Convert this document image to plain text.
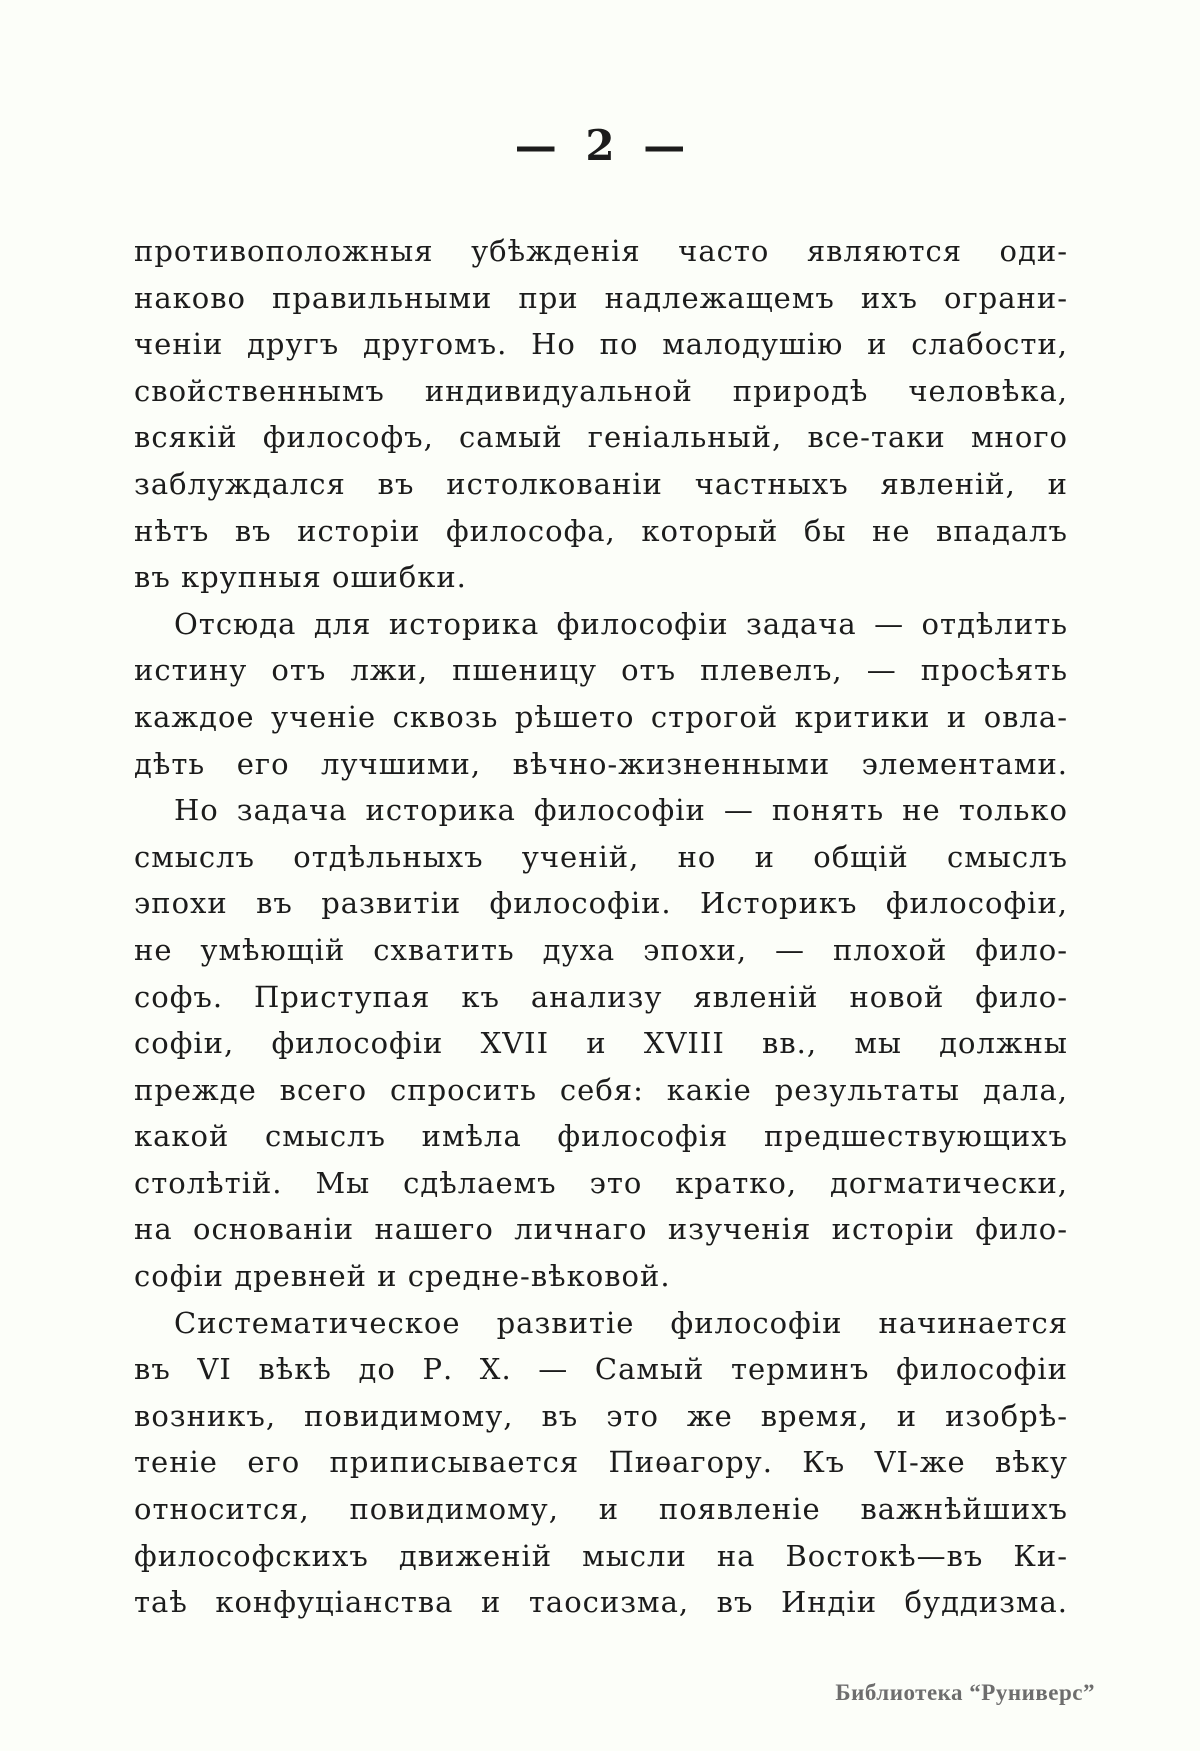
— 2 —
противоположныя убѣжденія часто являются оди-
наково правильными при надлежащемъ ихъ ограни-
ченіи другъ другомъ. Но по малодушію и слабости,
свойственнымъ индивидуальной природѣ человѣка,
всякій философъ, самый геніальный, все-таки много
заблуждался въ истолкованіи частныхъ явленій, и
нѣтъ въ исторіи философа, который бы не впадалъ
въ крупныя ошибки.
Отсюда для историка философіи задача — отдѣлить
истину отъ лжи, пшеницу отъ плевелъ, — просѣять
каждое ученіе сквозь рѣшето строгой критики и овла-
дѣть его лучшими, вѣчно-жизненными элементами.
Но задача историка философіи — понять не только
смыслъ отдѣльныхъ ученій, но и общій смыслъ
эпохи въ развитіи философіи. Историкъ философіи,
не умѣющій схватить духа эпохи, — плохой фило-
софъ. Приступая къ анализу явленій новой фило-
софіи, философіи XVII и XVIII вв., мы должны
прежде всего спросить себя: какіе результаты дала,
какой смыслъ имѣла философія предшествующихъ
столѣтій. Мы сдѣлаемъ это кратко, догматически,
на основаніи нашего личнаго изученія исторіи фило-
софіи древней и средне-вѣковой.
Систематическое развитіе философіи начинается
въ VI вѣкѣ до Р. Х. — Самый терминъ философіи
возникъ, повидимому, въ это же время, и изобрѣ-
теніе его приписывается Пиѳагору. Къ VI-же вѣку
относится, повидимому, и появленіе важнѣйшихъ
философскихъ движеній мысли на Востокѣ—въ Ки-
таѣ конфуціанства и таосизма, въ Индіи буддизма.
Библиотека “Руниверс”
